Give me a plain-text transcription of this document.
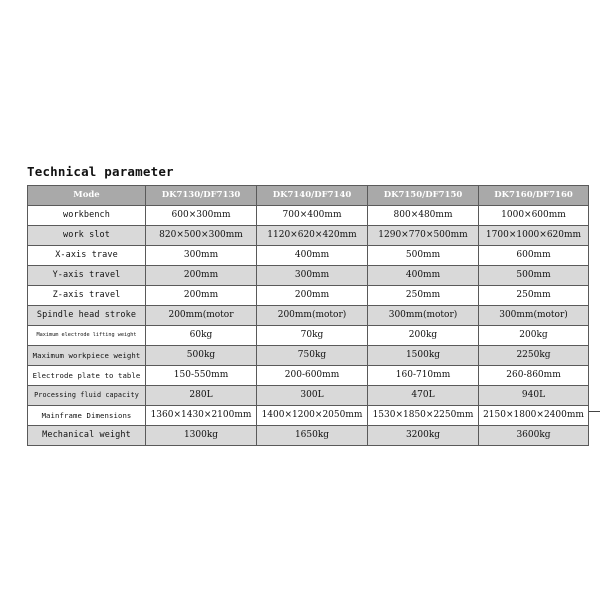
Technical parameter
Mode	DK7130/DF7130	DK7140/DF7140	DK7150/DF7150	DK7160/DF7160
workbench	600×300mm	700×400mm	800×480mm	1000×600mm
work slot	820×500×300mm	1120×620×420mm	1290×770×500mm	1700×1000×620mm
X-axis trave	300mm	400mm	500mm	600mm
Y-axis travel	200mm	300mm	400mm	500mm
Z-axis travel	200mm	200mm	250mm	250mm
Spindle head stroke	200mm(motor	200mm(motor)	300mm(motor)	300mm(motor)
Maximum electrode lifting weight	60kg	70kg	200kg	200kg
Maximum workpiece weight	500kg	750kg	1500kg	2250kg
Electrode plate to table	150-550mm	200-600mm	160-710mm	260-860mm
Processing fluid capacity	280L	300L	470L	940L
Mainframe Dimensions	1360×1430×2100mm	1400×1200×2050mm	1530×1850×2250mm	2150×1800×2400mm
Mechanical weight	1300kg	1650kg	3200kg	3600kg
